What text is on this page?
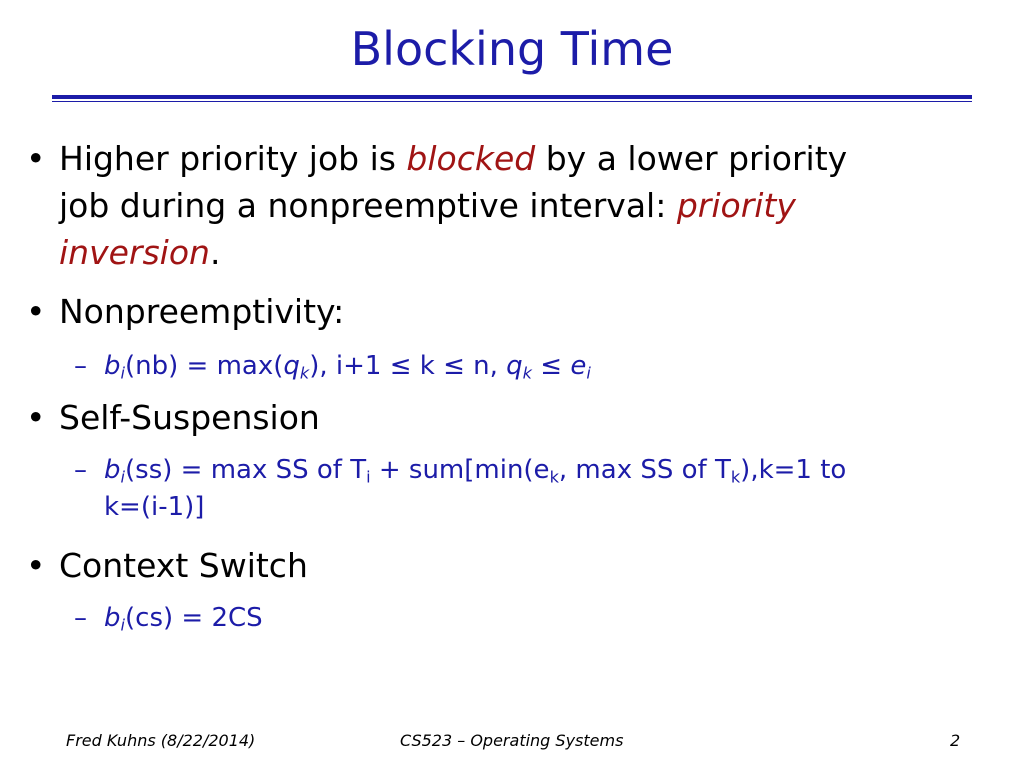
Blocking Time
• Higher priority job is blocked by a lower priority
job during a nonpreemptive interval: priority
inversion.
• Nonpreemptivity:
– $b_i(nb) = \max(q_k)$, i+1 ≤ k ≤ n, $q_k \le e_i$
• Self-Suspension
– $b_i(ss) = \max$ SS of $T_i + sum[\min(e_k$, max SS of $T_k),k=1$ to
k=(i-1)]
• Context Switch
– $b_i(cs) = 2CS$
Fred Kuhns (8/22/2014)	CS523 – Operating Systems	2
